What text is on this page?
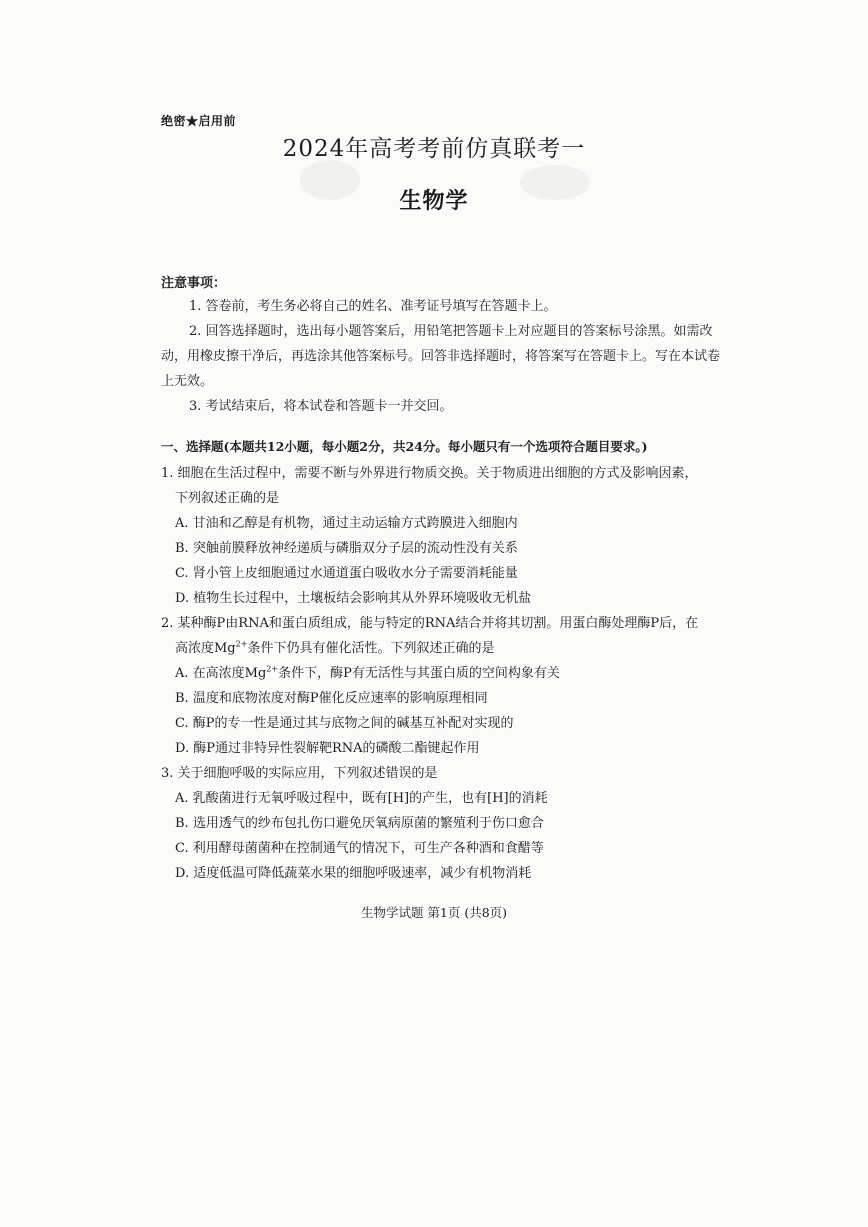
绝密★启用前
2024年高考考前仿真联考一
生物学
注意事项：
1. 答卷前，考生务必将自己的姓名、准考证号填写在答题卡上。
2. 回答选择题时，选出每小题答案后，用铅笔把答题卡上对应题目的答案标号涂黑。如需改动，用橡皮擦干净后，再选涂其他答案标号。回答非选择题时，将答案写在答题卡上。写在本试卷上无效。
3. 考试结束后，将本试卷和答题卡一并交回。
一、选择题(本题共12小题，每小题2分，共24分。每小题只有一个选项符合题目要求。)
1. 细胞在生活过程中，需要不断与外界进行物质交换。关于物质进出细胞的方式及影响因素，下列叙述正确的是
A. 甘油和乙醇是有机物，通过主动运输方式跨膜进入细胞内
B. 突触前膜释放神经递质与磷脂双分子层的流动性没有关系
C. 肾小管上皮细胞通过水通道蛋白吸收水分子需要消耗能量
D. 植物生长过程中，土壤板结会影响其从外界环境吸收无机盐
2. 某种酶P由RNA和蛋白质组成，能与特定的RNA结合并将其切割。用蛋白酶处理酶P后，在高浓度$Mg^{2+}$条件下仍具有催化活性。下列叙述正确的是
A. 在高浓度$Mg^{2+}$条件下，酶P有无活性与其蛋白质的空间构象有关
B. 温度和底物浓度对酶P催化反应速率的影响原理相同
C. 酶P的专一性是通过其与底物之间的碱基互补配对实现的
D. 酶P通过非特异性裂解靶RNA的磷酸二酯键起作用
3. 关于细胞呼吸的实际应用，下列叙述错误的是
A. 乳酸菌进行无氧呼吸过程中，既有[H]的产生，也有[H]的消耗
B. 选用透气的纱布包扎伤口避免厌氧病原菌的繁殖利于伤口愈合
C. 利用酵母菌菌种在控制通气的情况下，可生产各种酒和食醋等
D. 适度低温可降低蔬菜水果的细胞呼吸速率，减少有机物消耗
生物学试题 第1页 (共8页)
